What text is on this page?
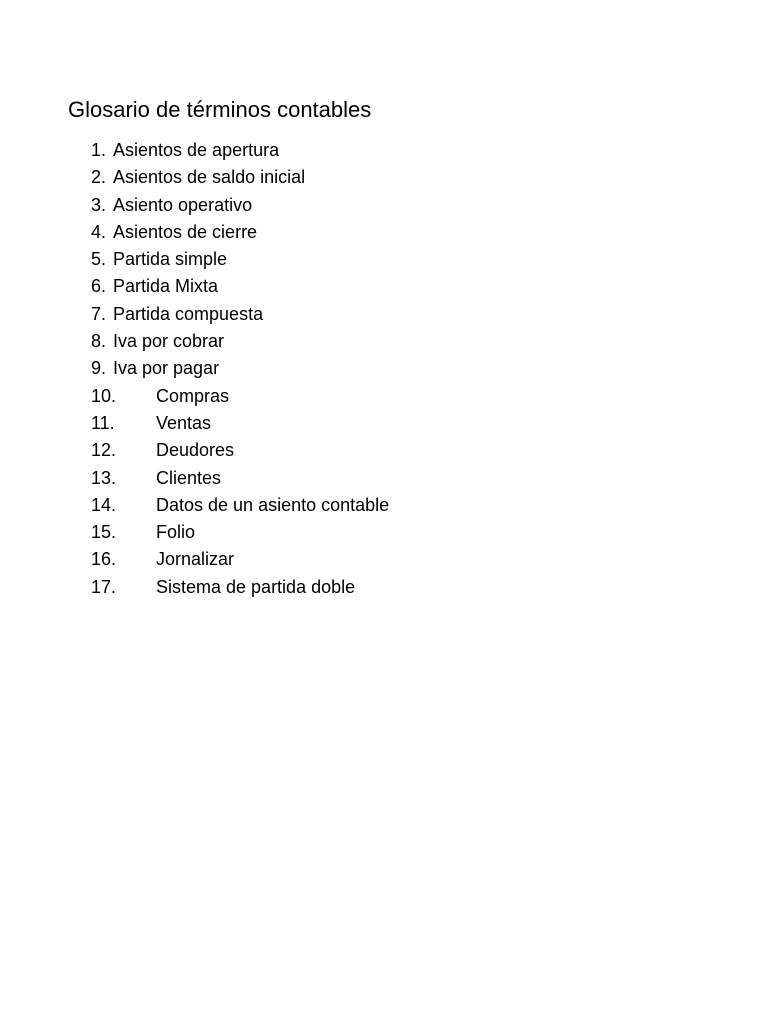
Glosario de términos contables
1. Asientos de apertura
2. Asientos de saldo inicial
3. Asiento operativo
4. Asientos de cierre
5. Partida simple
6. Partida Mixta
7. Partida compuesta
8. Iva por cobrar
9. Iva por pagar
10.	Compras
11.	Ventas
12.	Deudores
13.	Clientes
14.	Datos de un asiento contable
15.	Folio
16.	Jornalizar
17.	Sistema de partida doble
